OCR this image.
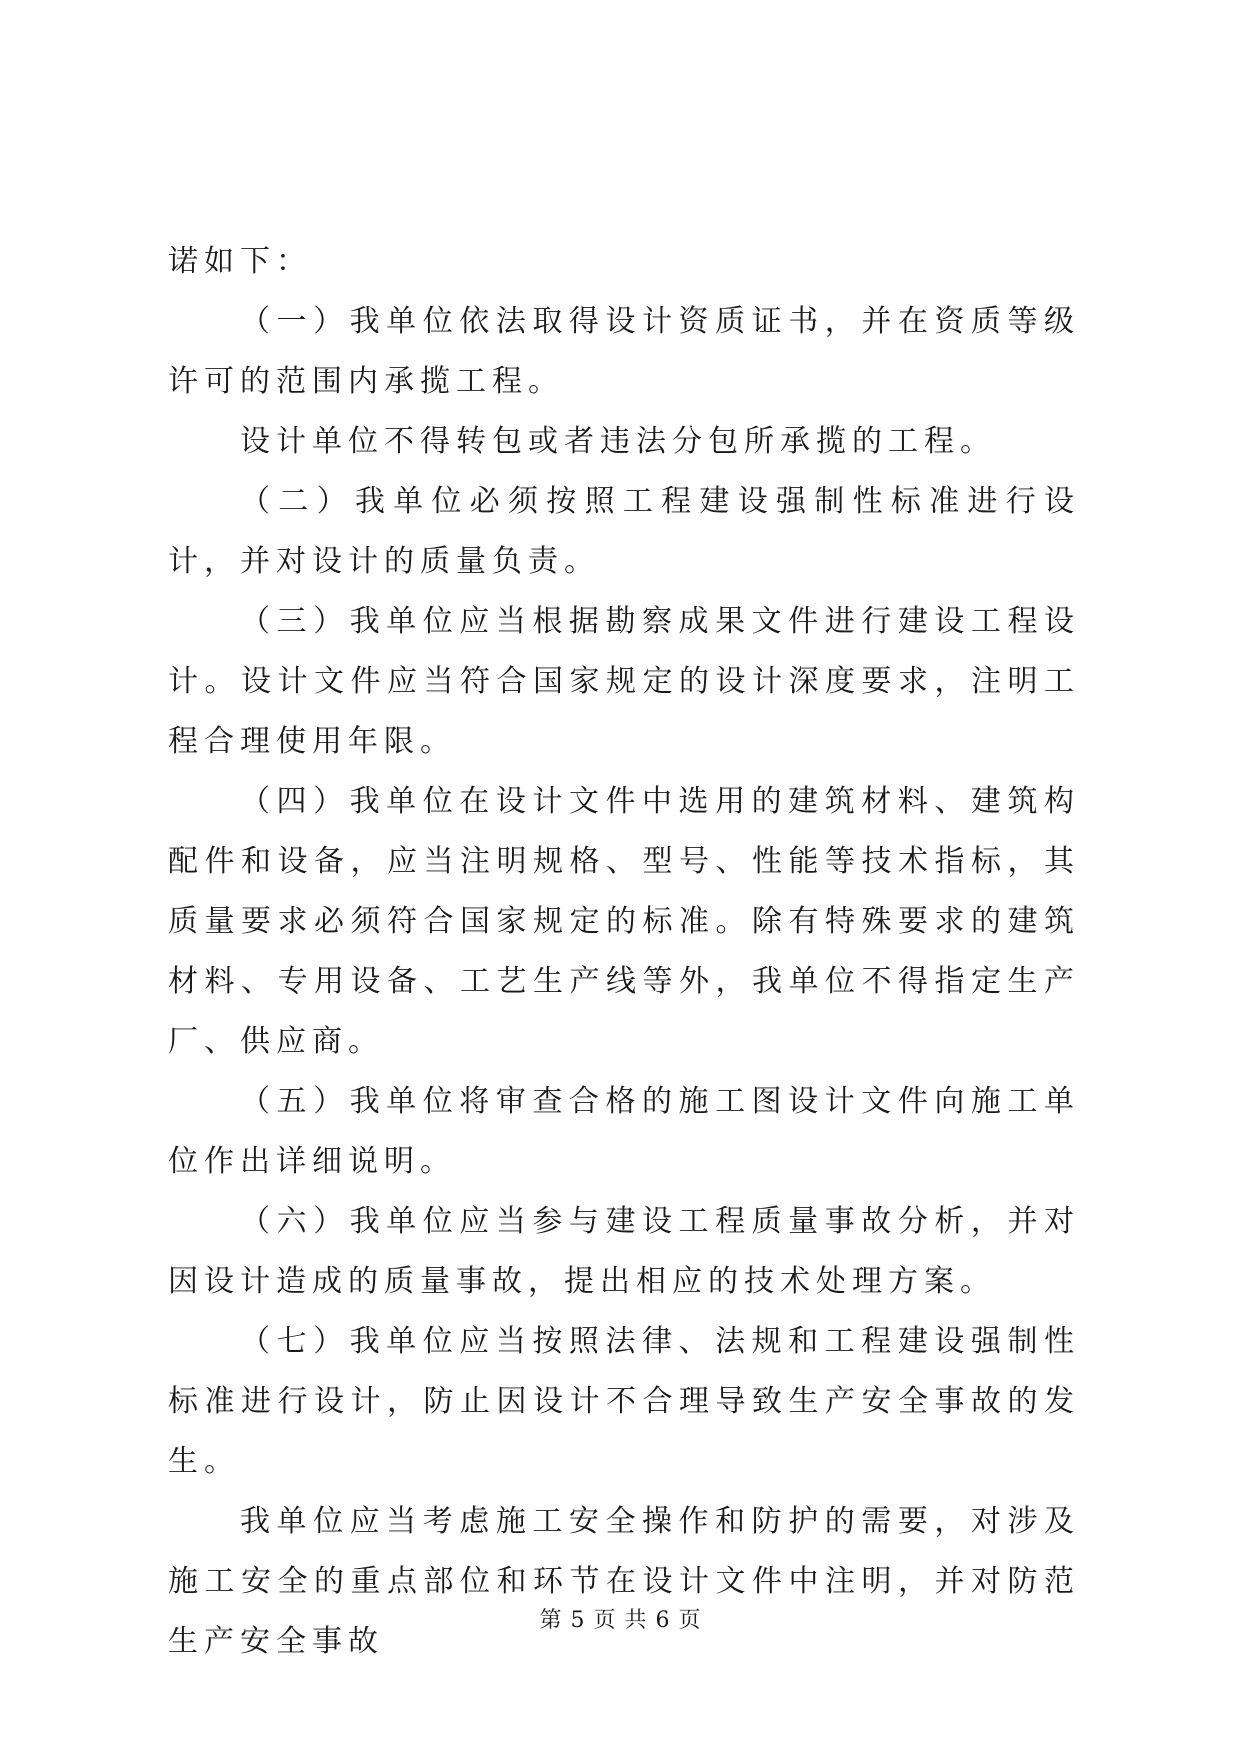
诺如下：

（一）我单位依法取得设计资质证书，并在资质等级许可的范围内承揽工程。

设计单位不得转包或者违法分包所承揽的工程。

（二）我单位必须按照工程建设强制性标准进行设计，并对设计的质量负责。

（三）我单位应当根据勘察成果文件进行建设工程设计。设计文件应当符合国家规定的设计深度要求，注明工程合理使用年限。

（四）我单位在设计文件中选用的建筑材料、建筑构配件和设备，应当注明规格、型号、性能等技术指标，其质量要求必须符合国家规定的标准。除有特殊要求的建筑材料、专用设备、工艺生产线等外，我单位不得指定生产厂、供应商。

（五）我单位将审查合格的施工图设计文件向施工单位作出详细说明。

（六）我单位应当参与建设工程质量事故分析，并对因设计造成的质量事故，提出相应的技术处理方案。

（七）我单位应当按照法律、法规和工程建设强制性标准进行设计，防止因设计不合理导致生产安全事故的发生。

我单位应当考虑施工安全操作和防护的需要，对涉及施工安全的重点部位和环节在设计文件中注明，并对防范生产安全事故

第 5 页 共 6 页
